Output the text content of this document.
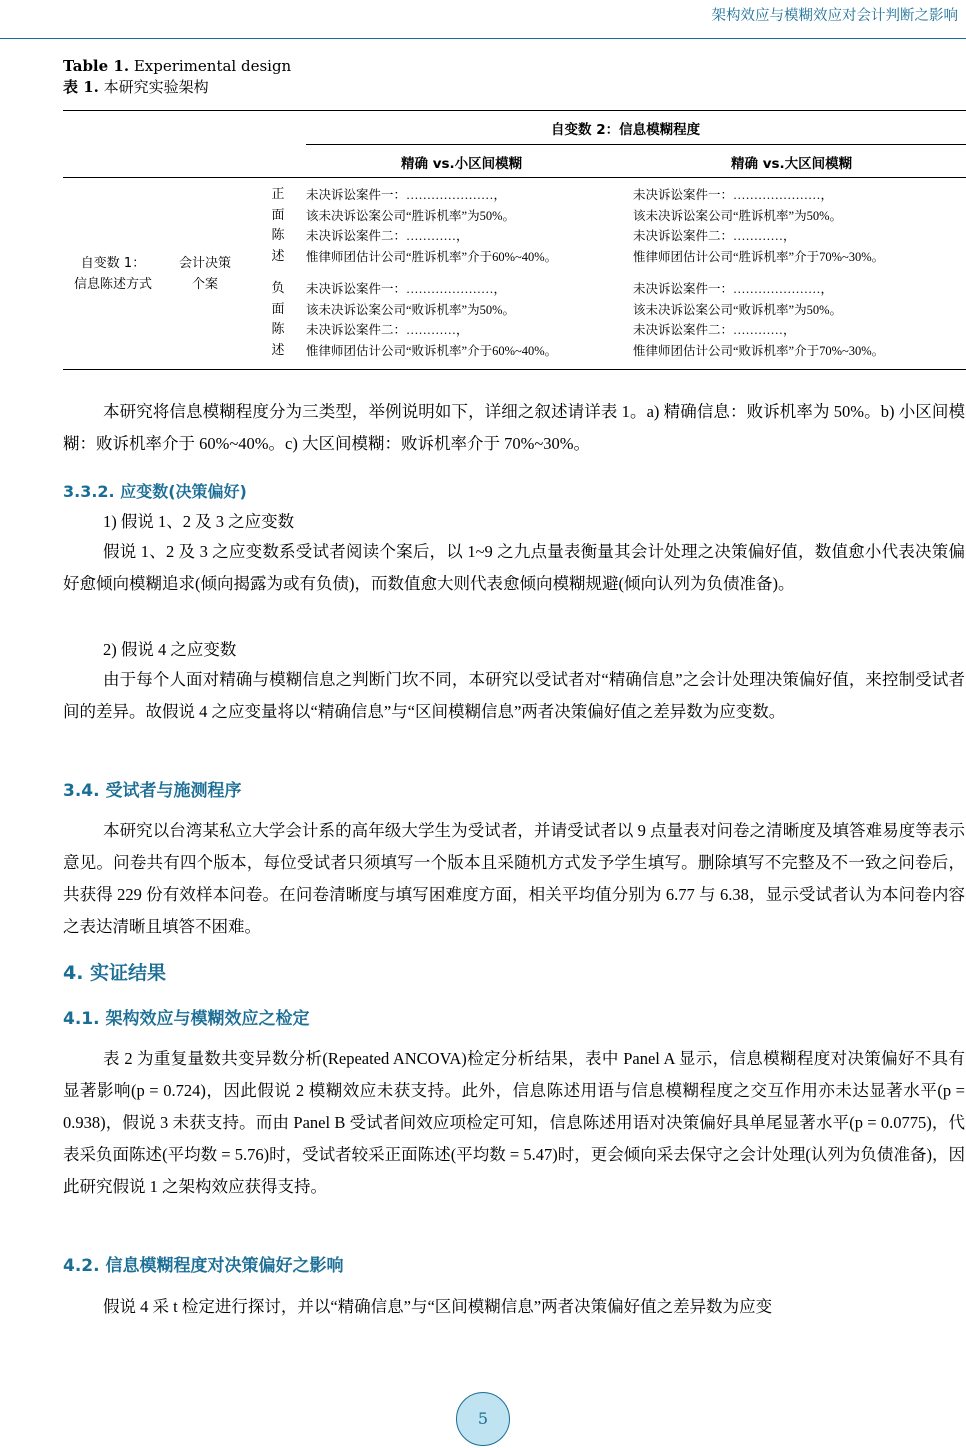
架构效应与模糊效应对会计判断之影响
Table 1. Experimental design
表 1. 本研究实验架构
自变数 2：信息模糊程度
精确 vs.小区间模糊	精确 vs.大区间模糊
自变数 1：
信息陈述方式
会计决策
个案
正
面
陈
述
负
面
陈
述
未决诉讼案件一：…………………，
该未决诉讼案公司“胜诉机率”为50%。
未决诉讼案件二：…………，
惟律师团估计公司“胜诉机率”介于60%~40%。
未决诉讼案件一：…………………，
该未决诉讼案公司“胜诉机率”为50%。
未决诉讼案件二：…………，
惟律师团估计公司“胜诉机率”介于70%~30%。
未决诉讼案件一：…………………，
该未决诉讼案公司“败诉机率”为50%。
未决诉讼案件二：…………，
惟律师团估计公司“败诉机率”介于60%~40%。
未决诉讼案件一：…………………，
该未决诉讼案公司“败诉机率”为50%。
未决诉讼案件二：…………，
惟律师团估计公司“败诉机率”介于70%~30%。
本研究将信息模糊程度分为三类型，举例说明如下，详细之叙述请详表 1。a) 精确信息：败诉机率为 50%。b) 小区间模糊：败诉机率介于 60%~40%。c) 大区间模糊：败诉机率介于 70%~30%。
3.3.2. 应变数(决策偏好)
1) 假说 1、2 及 3 之应变数
假说 1、2 及 3 之应变数系受试者阅读个案后，以 1~9 之九点量表衡量其会计处理之决策偏好值，数值愈小代表决策偏好愈倾向模糊追求(倾向揭露为或有负债)，而数值愈大则代表愈倾向模糊规避(倾向认列为负债准备)。
2) 假说 4 之应变数
由于每个人面对精确与模糊信息之判断门坎不同，本研究以受试者对“精确信息”之会计处理决策偏好值，来控制受试者间的差异。故假说 4 之应变量将以“精确信息”与“区间模糊信息”两者决策偏好值之差异数为应变数。
3.4. 受试者与施测程序
本研究以台湾某私立大学会计系的高年级大学生为受试者，并请受试者以 9 点量表对问卷之清晰度及填答难易度等表示意见。问卷共有四个版本，每位受试者只须填写一个版本且采随机方式发予学生填写。删除填写不完整及不一致之问卷后，共获得 229 份有效样本问卷。在问卷清晰度与填写困难度方面，相关平均值分别为 6.77 与 6.38，显示受试者认为本问卷内容之表达清晰且填答不困难。
4. 实证结果
4.1. 架构效应与模糊效应之检定
表 2 为重复量数共变异数分析(Repeated ANCOVA)检定分析结果，表中 Panel A 显示，信息模糊程度对决策偏好不具有显著影响(p = 0.724)，因此假说 2 模糊效应未获支持。此外，信息陈述用语与信息模糊程度之交互作用亦未达显著水平(p = 0.938)，假说 3 未获支持。而由 Panel B 受试者间效应项检定可知，信息陈述用语对决策偏好具单尾显著水平(p = 0.0775)，代表采负面陈述(平均数 = 5.76)时，受试者较采正面陈述(平均数 = 5.47)时，更会倾向采去保守之会计处理(认列为负债准备)，因此研究假说 1 之架构效应获得支持。
4.2. 信息模糊程度对决策偏好之影响
假说 4 采 t 检定进行探讨，并以“精确信息”与“区间模糊信息”两者决策偏好值之差异数为应变
5
